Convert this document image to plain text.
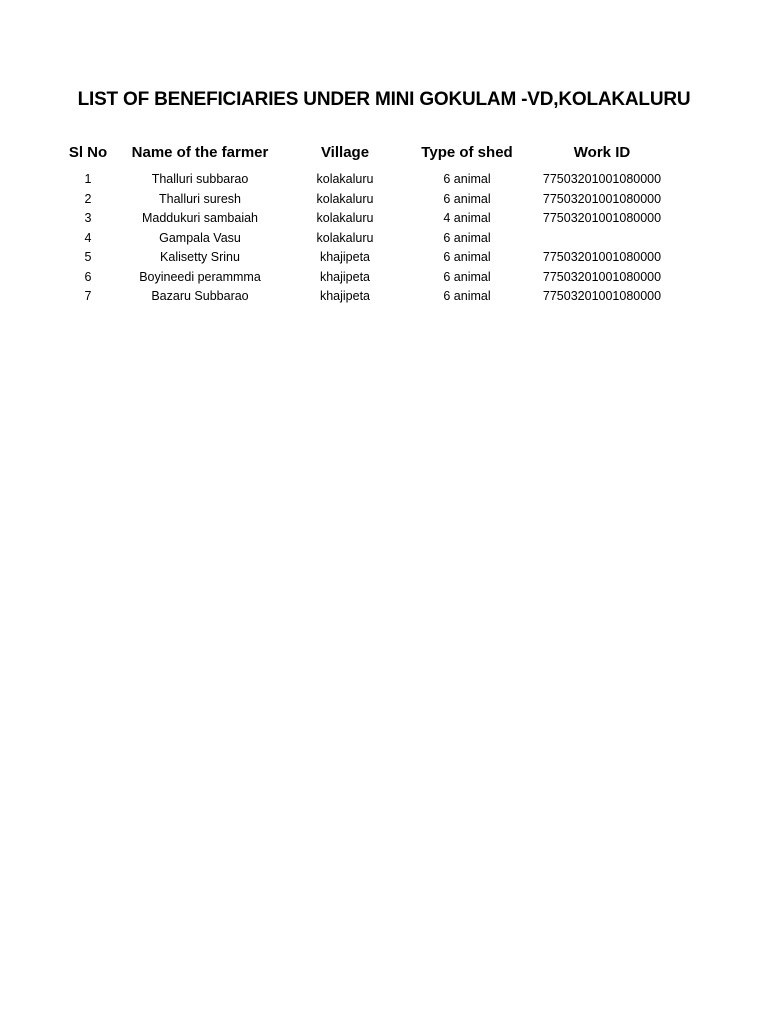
LIST OF BENEFICIARIES UNDER MINI GOKULAM -VD,KOLAKALURU
Sl No	Name of the farmer	Village	Type of shed	Work ID
1	Thalluri subbarao	kolakaluru	6 animal	77503201001080000
2	Thalluri suresh	kolakaluru	6 animal	77503201001080000
3	Maddukuri sambaiah	kolakaluru	4 animal	77503201001080000
4	Gampala Vasu	kolakaluru	6 animal	
5	Kalisetty Srinu	khajipeta	6 animal	77503201001080000
6	Boyineedi perammma	khajipeta	6 animal	77503201001080000
7	Bazaru Subbarao	khajipeta	6 animal	77503201001080000
